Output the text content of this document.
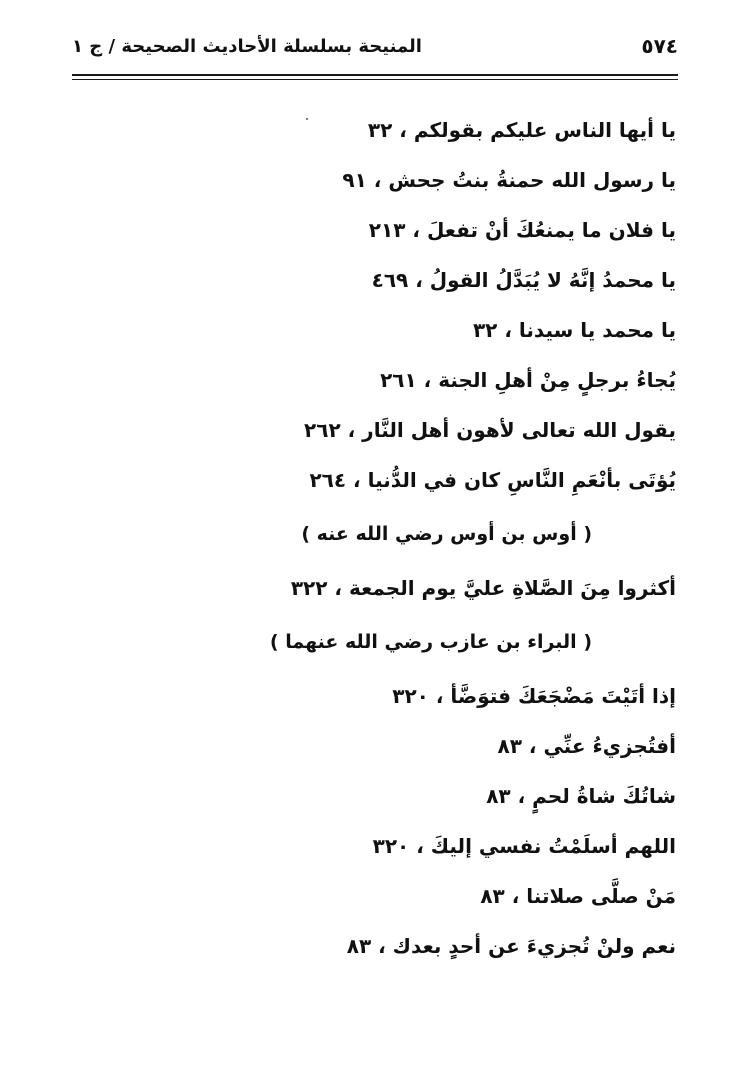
٥٧٤
المنيحة بسلسلة الأحاديث الصحيحة / ج ١
يا أيها الناس عليكم بقولكم ، ٣٢
يا رسول الله حمنةُ بنتُ جحش ، ٩١
يا فلان ما يمنعُكَ أنْ تفعلَ ، ٢١٣
يا محمدُ إنَّهُ لا يُبَدَّلُ القولُ ، ٤٦٩
يا محمد يا سيدنا ، ٣٢
يُجاءُ برجلٍ مِنْ أهلِ الجنة ، ٢٦١
يقول الله تعالى لأهون أهل النَّار ، ٢٦٢
يُؤتَى بأنْعَمِ النَّاسِ كان في الدُّنيا ، ٢٦٤
( أوس بن أوس رضي الله عنه )
أكثروا مِنَ الصَّلاةِ عليَّ يوم الجمعة ، ٣٢٢
( البراء بن عازب رضي الله عنهما )
إذا أتَيْتَ مَضْجَعَكَ فتوَضَّأ ، ٣٢٠
أفتُجزيءُ عنِّي ، ٨٣
شاتُكَ شاةُ لحمٍ ، ٨٣
اللهم أسلَمْتُ نفسي إليكَ ، ٣٢٠
مَنْ صلَّى صلاتنا ، ٨٣
نعم ولنْ تُجزيءَ عن أحدٍ بعدك ، ٨٣
